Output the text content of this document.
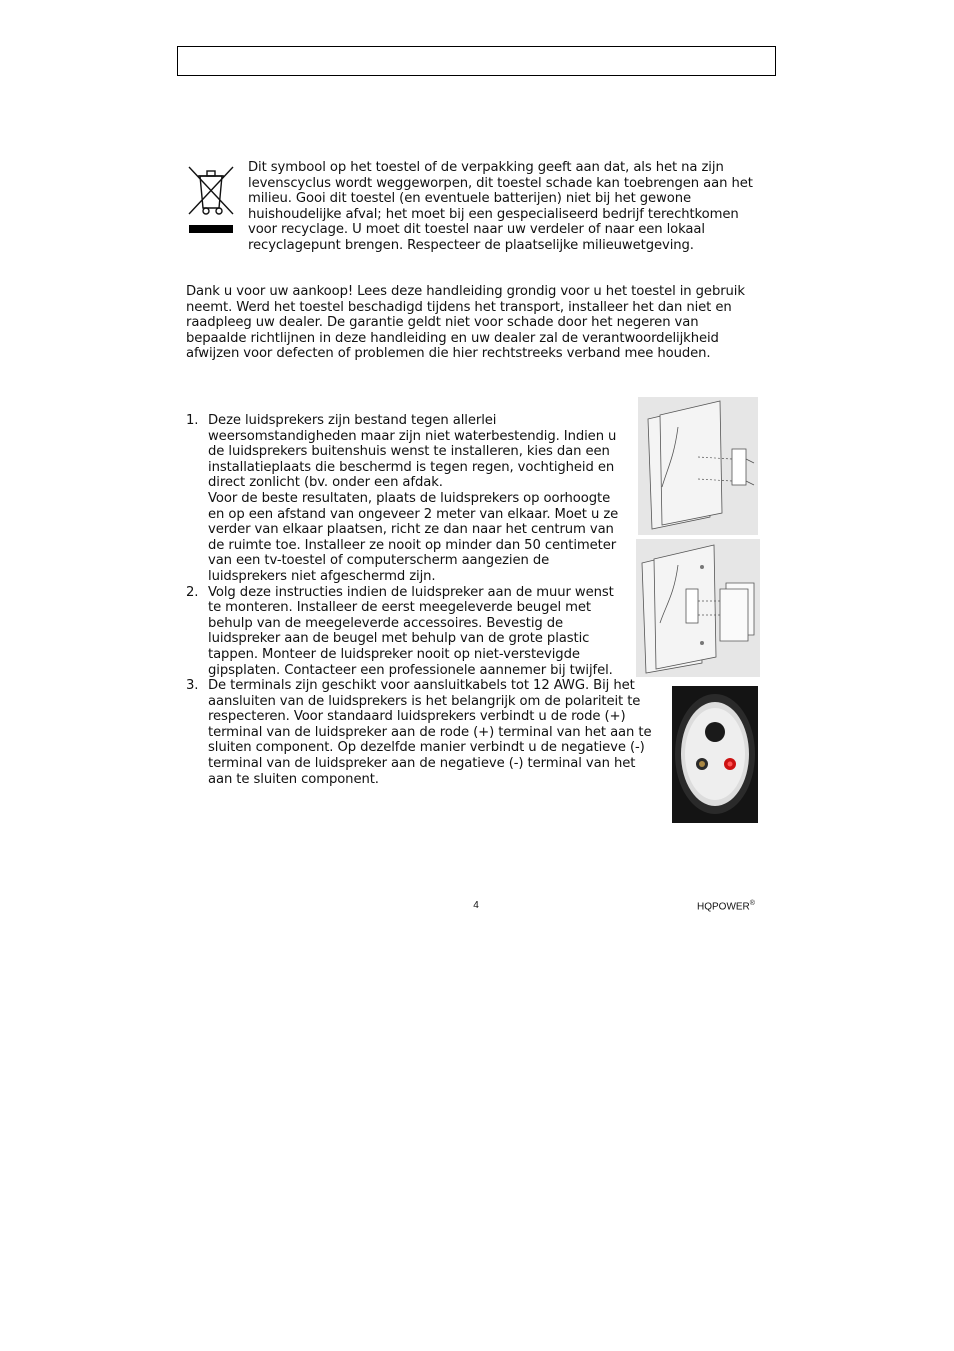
Dit symbool op het toestel of de verpakking geeft aan dat, als het na zijn levenscyclus wordt weggeworpen, dit toestel schade kan toebrengen aan het milieu. Gooi dit toestel (en eventuele batterijen) niet bij het gewone huishoudelijke afval; het moet bij een gespecialiseerd bedrijf terechtkomen voor recyclage. U moet dit toestel naar uw verdeler of naar een lokaal recyclagepunt brengen. Respecteer de plaatselijke milieuwetgeving.

Dank u voor uw aankoop! Lees deze handleiding grondig voor u het toestel in gebruik neemt. Werd het toestel beschadigd tijdens het transport, installeer het dan niet en raadpleeg uw dealer. De garantie geldt niet voor schade door het negeren van bepaalde richtlijnen in deze handleiding en uw dealer zal de verantwoordelijkheid afwijzen voor defecten of problemen die hier rechtstreeks verband mee houden.

1. Deze luidsprekers zijn bestand tegen allerlei weersomstandigheden maar zijn niet waterbestendig. Indien u de luidsprekers buitenshuis wenst te installeren, kies dan een installatieplaats die beschermd is tegen regen, vochtigheid en direct zonlicht (bv. onder een afdak.
Voor de beste resultaten, plaats de luidsprekers op oorhoogte en op een afstand van ongeveer 2 meter van elkaar. Moet u ze verder van elkaar plaatsen, richt ze dan naar het centrum van de ruimte toe. Installeer ze nooit op minder dan 50 centimeter van een tv-toestel of computerscherm aangezien de luidsprekers niet afgeschermd zijn.
2. Volg deze instructies indien de luidspreker aan de muur wenst te monteren. Installeer de eerst meegeleverde beugel met behulp van de meegeleverde accessoires. Bevestig de luidspreker aan de beugel met behulp van de grote plastic tappen. Monteer de luidspreker nooit op niet-verstevigde gipsplaten. Contacteer een professionele aannemer bij twijfel.
3. De terminals zijn geschikt voor aansluitkabels tot 12 AWG. Bij het aansluiten van de luidsprekers is het belangrijk om de polariteit te respecteren. Voor standaard luidsprekers verbindt u de rode (+) terminal van de luidspreker aan de rode (+) terminal van het aan te sluiten component. Op dezelfde manier verbindt u de negatieve (-) terminal van de luidspreker aan de negatieve (-) terminal van het aan te sluiten component.
4	HQPOWER®
